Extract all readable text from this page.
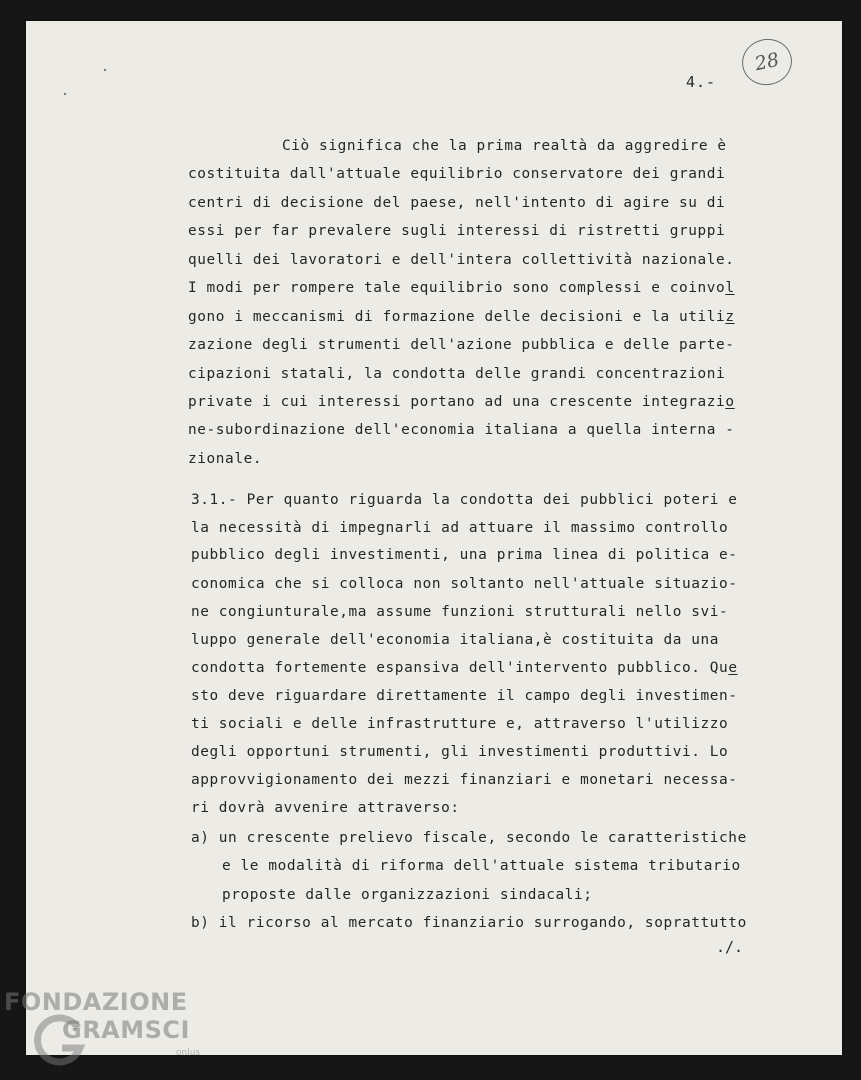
4.-
28
Ciò significa che la prima realtà da aggredire è
costituita dall'attuale equilibrio conservatore dei grandi
centri di decisione del paese, nell'intento di agire su di
essi per far prevalere sugli interessi di ristretti gruppi
quelli dei lavoratori e dell'intera collettività nazionale.
I modi per rompere tale equilibrio sono complessi e coinvol
gono i meccanismi di formazione delle decisioni e la utiliz
zazione degli strumenti dell'azione pubblica e delle parte-
cipazioni statali, la condotta delle grandi concentrazioni
private i cui interessi portano ad una crescente integrazio
ne-subordinazione dell'economia italiana a quella interna -
zionale.
3.1.- Per quanto riguarda la condotta dei pubblici poteri e
la necessità di impegnarli ad attuare il massimo controllo
pubblico degli investimenti, una prima linea di politica e-
conomica che si colloca non soltanto nell'attuale situazio-
ne congiunturale,ma assume funzioni strutturali nello svi-
luppo generale dell'economia italiana,è costituita da una
condotta fortemente espansiva dell'intervento pubblico. Que
sto deve riguardare direttamente il campo degli investimen-
ti sociali e delle infrastrutture e, attraverso l'utilizzo
degli opportuni strumenti, gli investimenti produttivi. Lo
approvvigionamento dei mezzi finanziari e monetari necessa-
ri dovrà avvenire attraverso:
a) un crescente prelievo fiscale, secondo le caratteristiche
e le modalità di riforma dell'attuale sistema tributario
proposte dalle organizzazioni sindacali;
b) il ricorso al mercato finanziario surrogando, soprattutto
./.
FONDAZIONE
GRAMSCI
onlus
